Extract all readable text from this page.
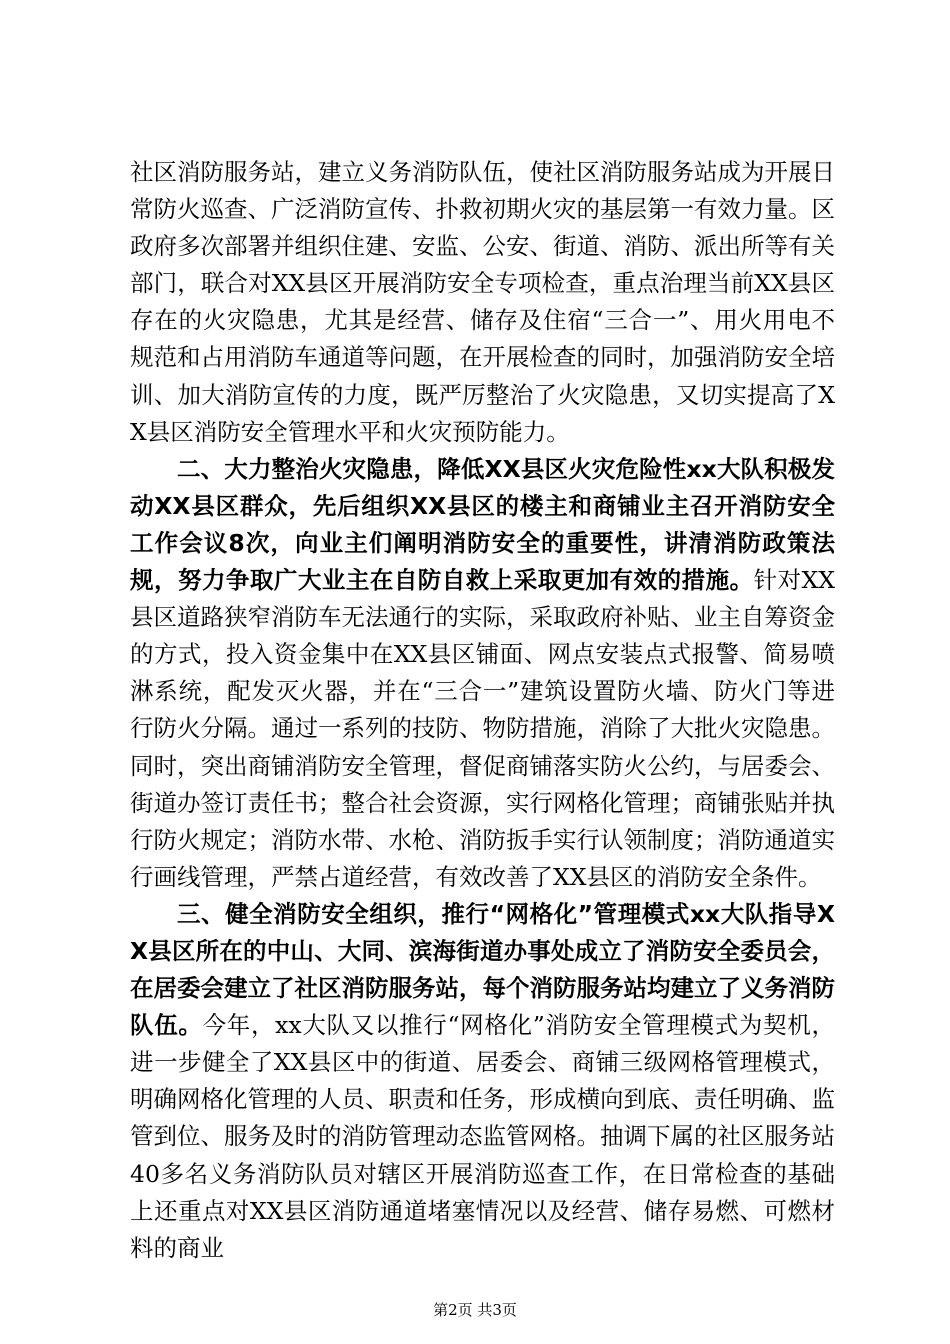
社区消防服务站，建立义务消防队伍，使社区消防服务站成为开展日常防火巡查、广泛消防宣传、扑救初期火灾的基层第一有效力量。区政府多次部署并组织住建、安监、公安、街道、消防、派出所等有关部门，联合对XX县区开展消防安全专项检查，重点治理当前XX县区存在的火灾隐患，尤其是经营、储存及住宿“三合一”、用火用电不规范和占用消防车通道等问题，在开展检查的同时，加强消防安全培训、加大消防宣传的力度，既严厉整治了火灾隐患，又切实提高了XX县区消防安全管理水平和火灾预防能力。

二、大力整治火灾隐患，降低XX县区火灾危险性xx大队积极发动XX县区群众，先后组织XX县区的楼主和商铺业主召开消防安全工作会议8次，向业主们阐明消防安全的重要性，讲清消防政策法规，努力争取广大业主在自防自救上采取更加有效的措施。针对XX县区道路狭窄消防车无法通行的实际，采取政府补贴、业主自筹资金的方式，投入资金集中在XX县区铺面、网点安装点式报警、简易喷淋系统，配发灭火器，并在“三合一”建筑设置防火墙、防火门等进行防火分隔。通过一系列的技防、物防措施，消除了大批火灾隐患。同时，突出商铺消防安全管理，督促商铺落实防火公约，与居委会、街道办签订责任书；整合社会资源，实行网格化管理；商铺张贴并执行防火规定；消防水带、水枪、消防扳手实行认领制度；消防通道实行画线管理，严禁占道经营，有效改善了XX县区的消防安全条件。

三、健全消防安全组织，推行“网格化”管理模式xx大队指导XX县区所在的中山、大同、滨海街道办事处成立了消防安全委员会，在居委会建立了社区消防服务站，每个消防服务站均建立了义务消防队伍。今年，xx大队又以推行“网格化”消防安全管理模式为契机，进一步健全了XX县区中的街道、居委会、商铺三级网格管理模式，明确网格化管理的人员、职责和任务，形成横向到底、责任明确、监管到位、服务及时的消防管理动态监管网格。抽调下属的社区服务站40多名义务消防队员对辖区开展消防巡查工作，在日常检查的基础上还重点对XX县区消防通道堵塞情况以及经营、储存易燃、可燃材料的商业

第2页 共3页
